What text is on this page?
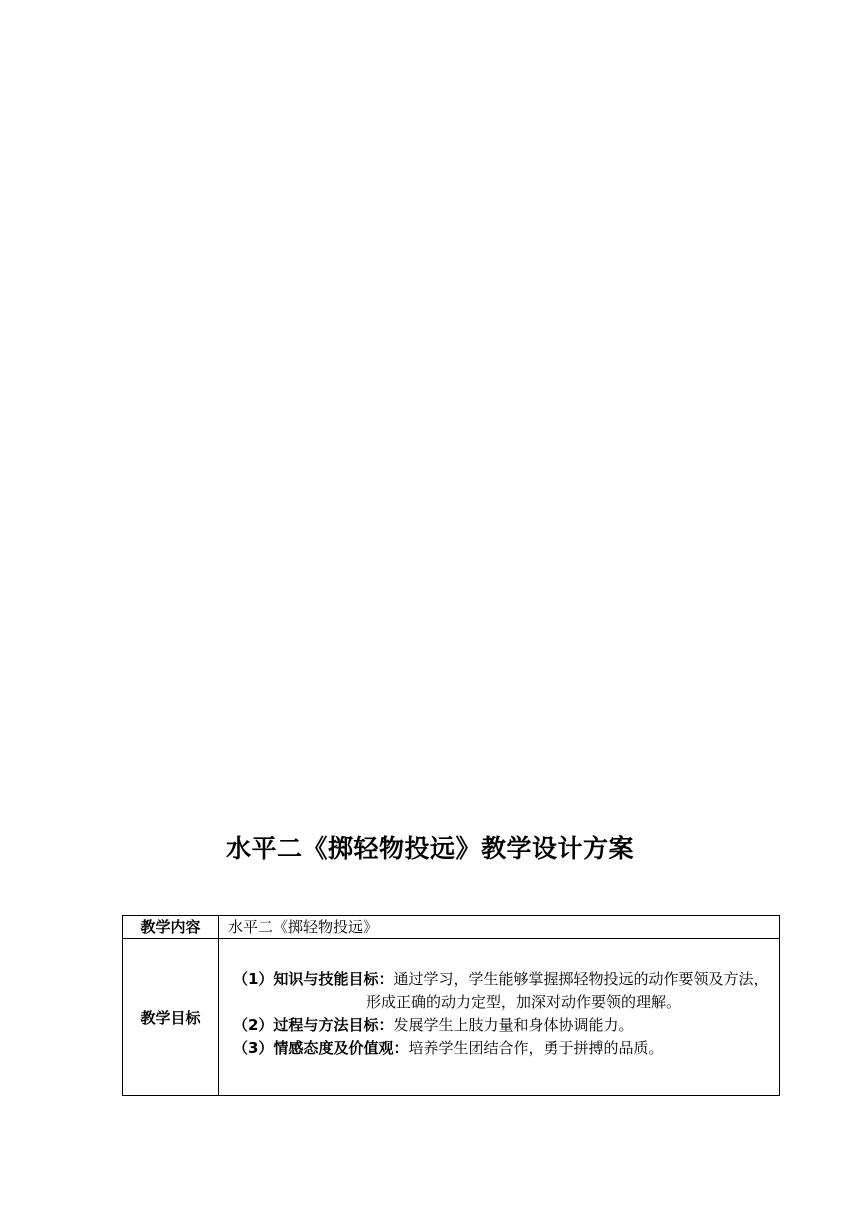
水平二《掷轻物投远》教学设计方案
教学内容	水平二《掷轻物投远》
教学目标	（1）知识与技能目标：通过学习，学生能够掌握掷轻物投远的动作要领及方法，形成正确的动力定型，加深对动作要领的理解。

（2）过程与方法目标：发展学生上肢力量和身体协调能力。

（3）情感态度及价值观：培养学生团结合作，勇于拼搏的品质。
